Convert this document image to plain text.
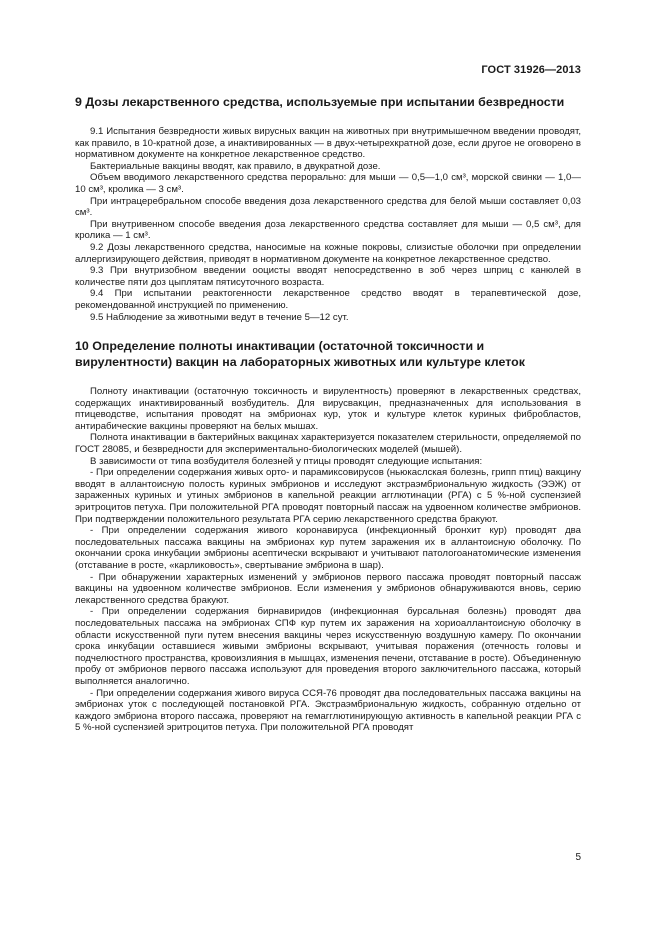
ГОСТ 31926—2013
9 Дозы лекарственного средства, используемые при испытании безвредности

9.1 Испытания безвредности живых вирусных вакцин на животных при внутримышечном введении проводят, как правило, в 10-кратной дозе, а инактивированных — в двух-четырехкратной дозе, если другое не оговорено в нормативном документе на конкретное лекарственное средство.

Бактериальные вакцины вводят, как правило, в двукратной дозе.

Объем вводимого лекарственного средства перорально: для мыши — 0,5—1,0 см³, морской свинки — 1,0—10 см³, кролика — 3 см³.

При интрацеребральном способе введения доза лекарственного средства для белой мыши составляет 0,03 см³.

При внутривенном способе введения доза лекарственного средства составляет для мыши — 0,5 см³, для кролика — 1 см³.

9.2 Дозы лекарственного средства, наносимые на кожные покровы, слизистые оболочки при определении аллергизирующего действия, приводят в нормативном документе на конкретное лекарственное средство.

9.3 При внутризобном введении ооцисты вводят непосредственно в зоб через шприц с канюлей в количестве пяти доз цыплятам пятисуточного возраста.

9.4 При испытании реактогенности лекарственное средство вводят в терапевтической дозе, рекомендованной инструкцией по применению.

9.5 Наблюдение за животными ведут в течение 5—12 сут.

10 Определение полноты инактивации (остаточной токсичности и вирулентности) вакцин на лабораторных животных или культуре клеток

Полноту инактивации (остаточную токсичность и вирулентность) проверяют в лекарственных средствах, содержащих инактивированный возбудитель. Для вирусвакцин, предназначенных для использования в птицеводстве, испытания проводят на эмбрионах кур, уток и культуре клеток куриных фибробластов, антирабические вакцины проверяют на белых мышах.

Полнота инактивации в бактерийных вакцинах характеризуется показателем стерильности, определяемой по ГОСТ 28085, и безвредности для экспериментально-биологических моделей (мышей).

В зависимости от типа возбудителя болезней у птицы проводят следующие испытания:

- При определении содержания живых орто- и парамиксовирусов (ньюкаслская болезнь, грипп птиц) вакцину вводят в аллантоисную полость куриных эмбрионов и исследуют экстраэмбриональную жидкость (ЭЭЖ) от зараженных куриных и утиных эмбрионов в капельной реакции агглютинации (РГА) с 5 %-ной суспензией эритроцитов петуха. При положительной РГА проводят повторный пассаж на удвоенном количестве эмбрионов. При подтверждении положительного результата РГА серию лекарственного средства бракуют.

- При определении содержания живого коронавируса (инфекционный бронхит кур) проводят два последовательных пассажа вакцины на эмбрионах кур путем заражения их в аллантоисную оболочку. По окончании срока инкубации эмбрионы асептически вскрывают и учитывают патологоанатомические изменения (отставание в росте, «карликовость», свертывание эмбриона в шар).

- При обнаружении характерных изменений у эмбрионов первого пассажа проводят повторный пассаж вакцины на удвоенном количестве эмбрионов. Если изменения у эмбрионов обнаруживаются вновь, серию лекарственного средства бракуют.

- При определении содержания бирнавиридов (инфекционная бурсальная болезнь) проводят два последовательных пассажа на эмбрионах СПФ кур путем их заражения на хориоаллантоисную оболочку в области искусственной пуги путем внесения вакцины через искусственную воздушную камеру. По окончании срока инкубации оставшиеся живыми эмбрионы вскрывают, учитывая поражения (отечность головы и подчелюстного пространства, кровоизлияния в мышцах, изменения печени, отставание в росте). Объединенную пробу от эмбрионов первого пассажа используют для проведения второго заключительного пассажа, который выполняется аналогично.

- При определении содержания живого вируса ССЯ-76 проводят два последовательных пассажа вакцины на эмбрионах уток с последующей постановкой РГА. Экстраэмбриональную жидкость, собранную отдельно от каждого эмбриона второго пассажа, проверяют на гемагглютинирующую активность в капельной реакции РГА с 5 %-ной суспензией эритроцитов петуха. При положительной РГА проводят

5
